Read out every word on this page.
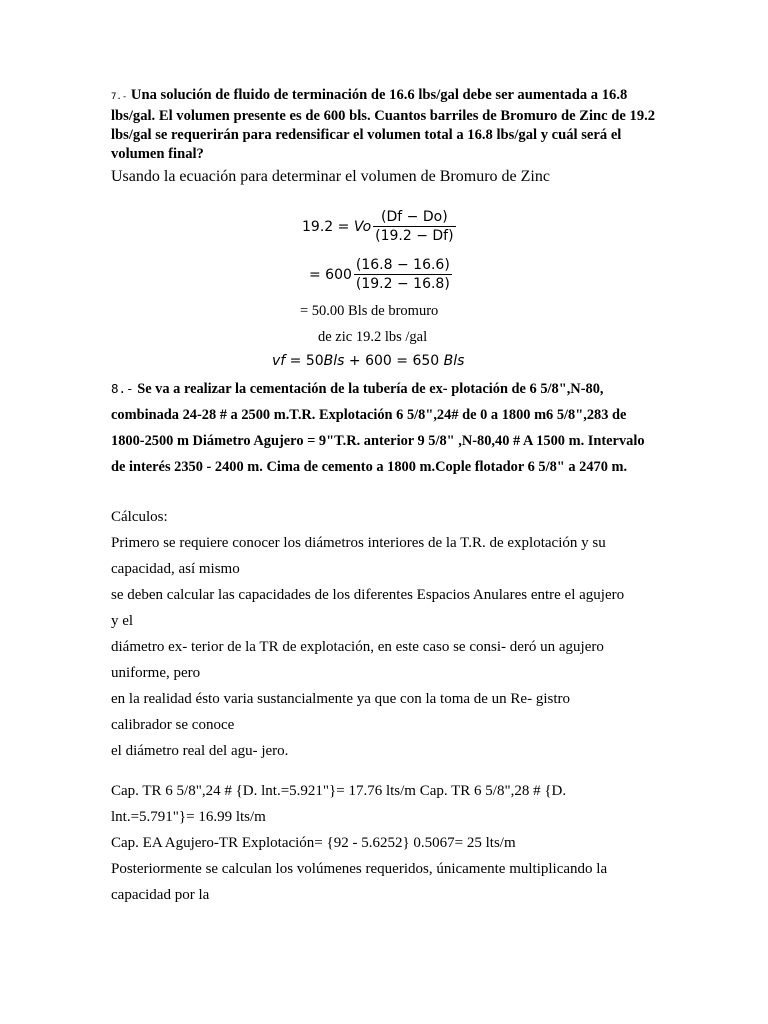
7.- Una solución de fluido de terminación de 16.6 lbs/gal debe ser aumentada a 16.8 lbs/gal. El volumen presente es de 600 bls. Cuantos barriles de Bromuro de Zinc de 19.2 lbs/gal se requerirán para redensificar el volumen total a 16.8 lbs/gal y cuál será el volumen final?
Usando la ecuación para determinar el volumen de Bromuro de Zinc
19.2 =
Vo $\frac{(Df - Do)}{(19.2 - Df)}$
= $600 \frac{(16.8 - 16.6)}{(19.2 - 16.8)}$
= 50.00 Bls de bromuro
de zic 19.2 lbs /gal
vf
= 50 Bls
+ 600 = 650
Bls
8.- Se va a realizar la cementación de la tubería de ex- plotación de 6 5/8",N-80, combinada 24-28 # a 2500 m.T.R. Explotación 6 5/8",24# de 0 a 1800 m6 5/8",283 de 1800-2500 m Diámetro Agujero = 9"T.R. anterior 9 5/8" ,N-80,40 # A 1500 m. Intervalo de interés 2350 - 2400 m. Cima de cemento a 1800 m.Cople flotador 6 5/8" a 2470 m.
Cálculos:
Primero se requiere conocer los diámetros interiores de la T.R. de explotación y su
capacidad, así mismo
se deben calcular las capacidades de los diferentes Espacios Anulares entre el agujero
y el
diámetro ex- terior de la TR de explotación, en este caso se consi- deró un agujero
uniforme, pero
en la realidad ésto varia sustancialmente ya que con la toma de un Re- gistro
calibrador se conoce
el diámetro real del agu- jero.
Cap. TR 6 5/8",24 # {D. lnt.=5.921"}= 17.76 lts/m Cap. TR 6 5/8",28 # {D.
lnt.=5.791"}= 16.99 lts/m
Cap. EA Agujero-TR Explotación= {92 - 5.6252} 0.5067= 25 lts/m
Posteriormente se calculan los volúmenes requeridos, únicamente multiplicando la
capacidad por la
